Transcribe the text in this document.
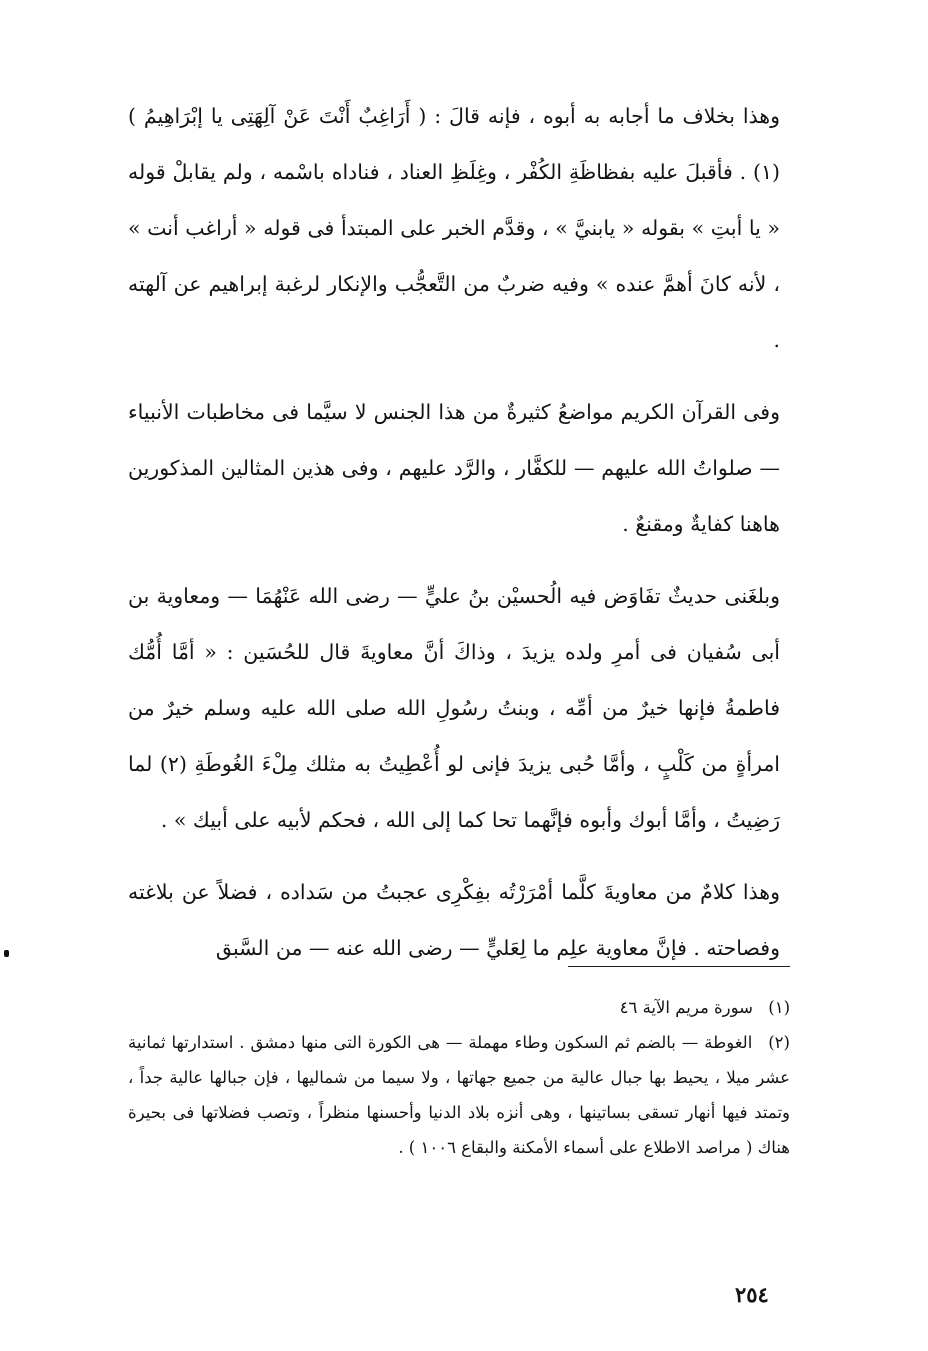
وهذا بخلاف ما أجابه به أبوه ، فإنه قالَ : ( أَرَاغِبٌ أَنْتَ عَنْ آلِهَتِى يا إبْرَاهِيمُ )(١) . فأقبلَ عليه بفظاظَةِ الكُفْر ، وغِلَظِ العناد ، فناداه باسْمه ، ولم يقابلْ قوله « يا أبتِ » بقوله « يابنيَّ » ، وقدَّم الخبر على المبتدأ فى قوله « أراغب أنت » ، لأنه كانَ أهمَّ عنده » وفيه ضربٌ من التَّعجُّب والإنكار لرغبة إبراهيم عن آلهته .

وفى القرآن الكريم مواضعُ كثيرةٌ من هذا الجنس لا سيَّما فى مخاطبات الأنبياء — صلواتُ الله عليهم — للكفَّار ، والرَّد عليهم ، وفى هذين المثالين المذكورين هاهنا كفايةٌ ومقنعٌ .

وبلغَنى حديثٌ تفَاوَض فيه الُحسيْن بنُ عليٍّ — رضى الله عَنْهُمَا — ومعاوية بن أبى سُفيان فى أمرِ ولده يزيدَ ، وذاكَ أنَّ معاويةَ قال للحُسَين : « أمَّا أُمُّك فاطمةُ فإنها خيرٌ من أمِّه ، وبنتُ رسُولِ الله صلى الله عليه وسلم خيرٌ من امرأةٍ من كَلْبٍ ، وأمَّا حُبى يزيدَ فإنى لو أُعْطِيتُ به مثلك مِلْءَ الغُوطَةِ (٢) لما رَضِيتُ ، وأمَّا أبوك وأبوه فإنَّهما تحا كما إلى الله ، فحكم لأبيه على أبيك » .

وهذا كلامٌ من معاويةَ كلَّما أمْرَرْتُه بفِكْرِى عجبتُ من سَداده ، فضلاً عن بلاغته وفصاحته . فإنَّ معاوية علِم ما لِعَليٍّ — رضى الله عنه — من السَّبق

(١) سورة مريم الآية ٤٦

(٢) الغوطة — بالضم ثم السكون وطاء مهملة — هى الكورة التى منها دمشق . استدارتها ثمانية عشر ميلا ، يحيط بها جبال عالية من جميع جهاتها ، ولا سيما من شماليها ، فإن جبالها عالية جداً ، وتمتد فيها أنهار تسقى بساتينها ، وهى أنزه بلاد الدنيا وأحسنها منظراً ، وتصب فضلاتها فى بحيرة هناك ( مراصد الاطلاع على أسماء الأمكنة والبقاع ١٠٠٦ ) .

٢٥٤
